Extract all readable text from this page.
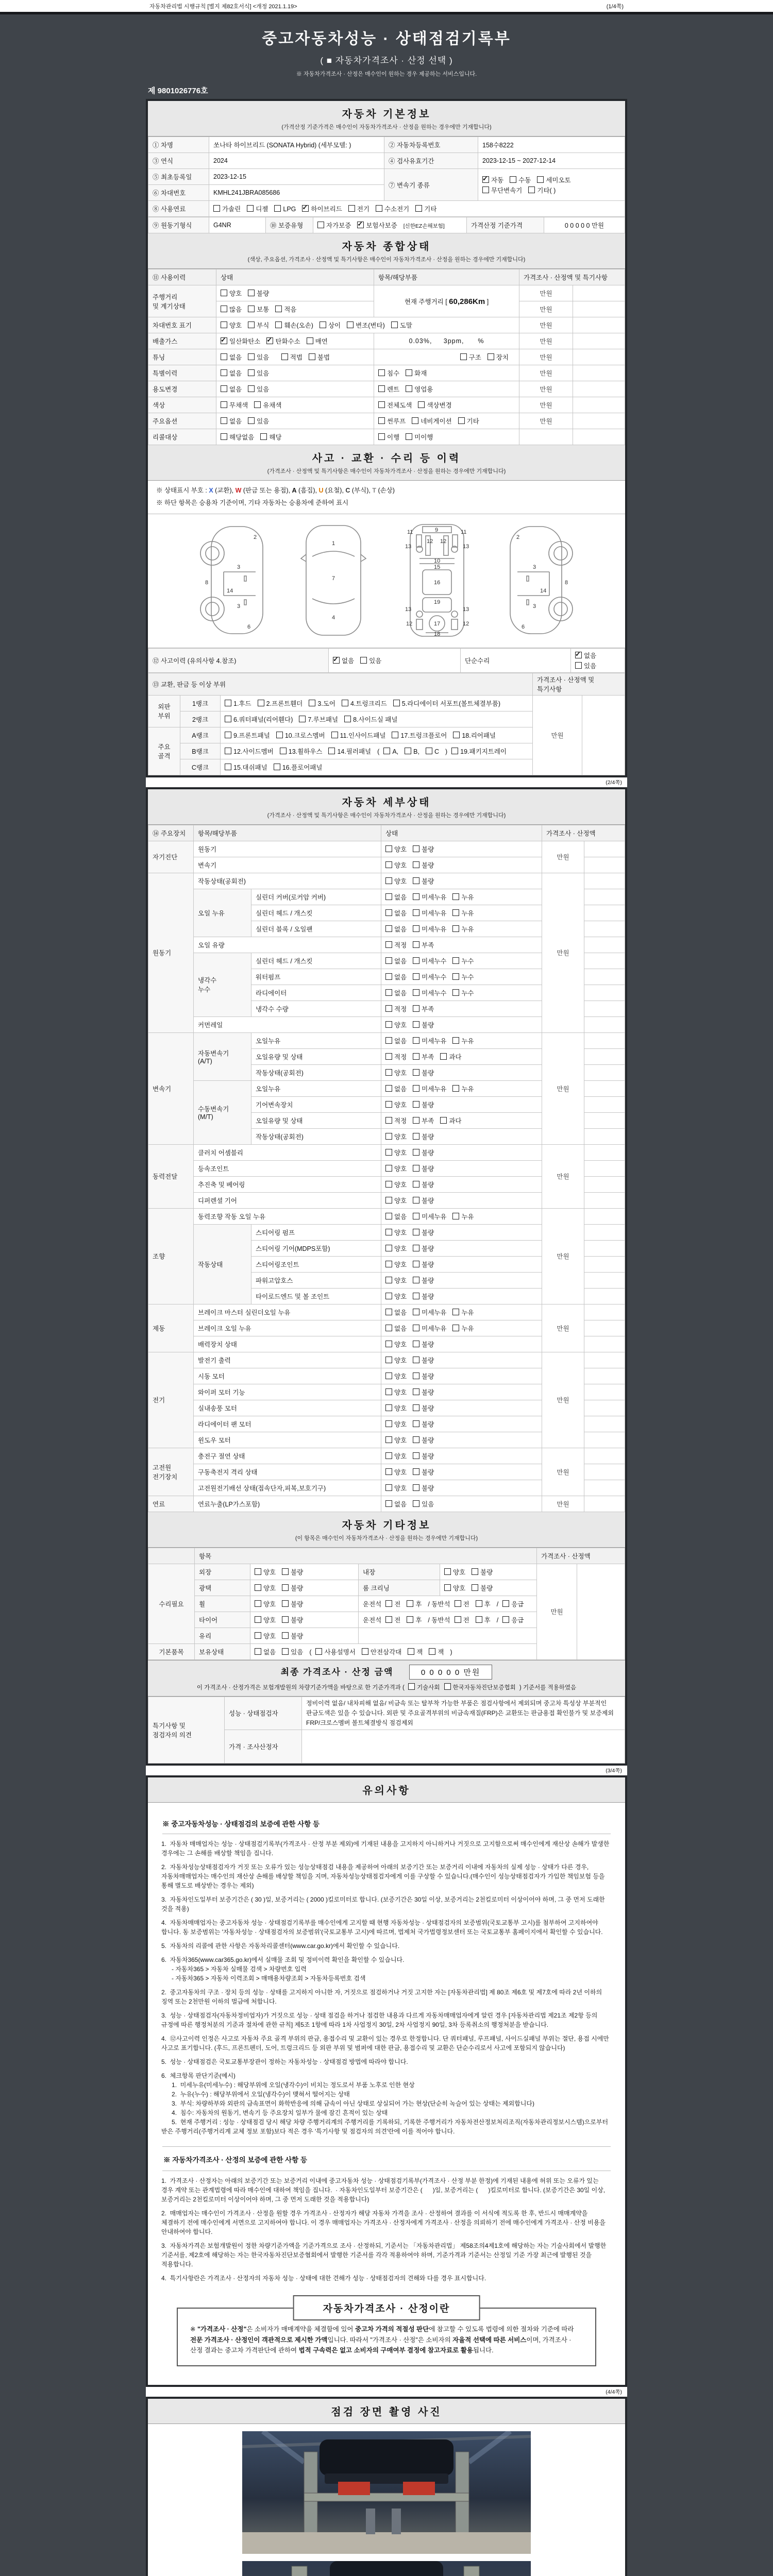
자동차관리법 시행규칙 [별지 제82호서식] <개정 2021.1.19>	(1/4쪽)
중고자동차성능 · 상태점검기록부
( ■ 자동차가격조사 · 산정 선택 )
※ 자동차가격조사 · 산정은 매수인이 원하는 경우 제공하는 서비스입니다.
제 9801026776호
자동차 기본정보
(가격산정 기준가격은 매수인이 자동차가격조사 · 산정을 원하는 경우에만 기재합니다)
① 차명	쏘나타 하이브리드 (SONATA Hybrid) (세부모델: )	② 자동차등록번호	158수8222
③ 연식	2024	④ 검사유효기간	2023-12-15 ~ 2027-12-14
⑤ 최초등록일	2023-12-15	⑦ 변속기 종류	
✓자동 수동 세미오토
무단변속기 기타( )

⑥ 차대번호	KMHL241JBRA085686		
⑧ 사용연료	가솔린 디젤 LPG ✓ 하이브리드 전기 수소전기 기타
⑨ 원동기형식	G4NR	⑩ 보증유형	자가보증 ✓ 보험사보증 [신한EZ손해보험]	가격산정 기준가격	0 0 0 0 0 만원
자동차 종합상태
(색상, 주요옵션, 가격조사 · 산정액 및 특기사항은 매수인이 자동차가격조사 · 산정을 원하는 경우에만 기재합니다)
⑪ 사용이력	상태	항목/해당부품	가격조사 · 산정액 및 특기사항	
주행거리
및 계기상태	양호 불량	현재 주행거리 [ 60,286Km ]	만원	
	많음 보통 적음		만원	
차대번호 표기	양호 부식 훼손(오손) 상이 변조(변타) 도말		만원	
배출가스	✓일산화탄소 ✓ 탄화수소 매연	0.03%,     3ppm,      %	만원	
튜닝	없음 있음 적법 불법	구조 장치	만원	
특별이력	없음 있음	침수 화재	만원	
용도변경	없음 있음	렌트 영업용	만원	
색상	무채색 유채색	전체도색 색상변경	만원	
주요옵션	없음 있음	썬루프 네비게이션 기타	만원	
리콜대상	해당없음 해당	이행 미이행		
사고 · 교환 · 수리 등 이력
(가격조사 · 산정액 및 특기사항은 매수인이 자동차가격조사 · 산정을 원하는 경우에만 기재합니다)
※ 상태표시 부호 : X (교환), W (판금 또는 용접), A (흠집), U (요철), C (부식), T (손상)
※ 하단 항목은 승용차 기준이며, 기타 자동차는 승용차에 준하여 표시
2
8
3
14
3
6
1
7
4
11	11
13	13
12 12
9
10
15
16
19
17
13	13
12	12
18
2
8
3
14
3
6
⑫ 사고이력 (유의사항 4.참조)	✓없음 있음	단순수리	✓없음있음
⑬ 교환, 판금 등 이상 부위			가격조사 · 산정액 및 특기사항	
외판
부위	1랭크	1.후드 2.프론트휀더 3.도어 4.트렁크리드 5.라디에이터 서포트(볼트체결부품)	만원	
	2랭크	6.쿼터패널(리어휀다) 7.루브패널 8.사이드실 패널		
주요
골격	A랭크	9.프론트패널 10.크로스멤버 11.인사이드패널 17.트렁크플로어 18.리어패널		
	B랭크	12.사이드멤버 13.휠하우스 14.필러패널 ( A, B, C ) 19.패키지트레이		
	C랭크	15.대쉬패널 16.플로어패널		
(2/4쪽)
자동차 세부상태
(가격조사 · 산정액 및 특기사항은 매수인이 자동차가격조사 · 산정을 원하는 경우에만 기재합니다)
⑭ 주요장치	항목/해당부품		상태	가격조사 · 산정액	
자기진단	원동기		양호 불량	만원	
	변속기		양호 불량		
원동기	작동상태(공회전)		양호 불량	만원	
	오일 누유	실린더 커버(로커암 커버)	없음 미세누유 누유		
		실린더 헤드 / 개스킷	없음 미세누유 누유		
		실린더 블록 / 오일팬	없음 미세누유 누유		
	오일 유량		적정 부족		
	냉각수
누수	실린더 헤드 / 개스킷	없음 미세누수 누수		
		워터펌프	없음 미세누수 누수		
		라디에이터	없음 미세누수 누수		
		냉각수 수량	적정 부족		
	커먼레일		양호 불량		
변속기	자동변속기
(A/T)	오일누유	없음 미세누유 누유	만원	
		오일유량 및 상태	적정 부족 과다		
		작동상태(공회전)	양호 불량		
	수동변속기
(M/T)	오일누유	없음 미세누유 누유		
		기어변속장치	양호 불량		
		오일유량 및 상태	적정 부족 과다		
		작동상태(공회전)	양호 불량		
동력전달	클러치 어셈블리		양호 불량	만원	
	등속조인트		양호 불량		
	추진축 및 베어링		양호 불량		
	디퍼렌셜 기어		양호 불량		
조향	동력조향 작동 오일 누유		없음 미세누유 누유	만원	
	작동상태	스티어링 펌프	양호 불량		
		스티어링 기어(MDPS포함)	양호 불량		
		스티어링조인트	양호 불량		
		파워고압호스	양호 불량		
		타이로드엔드 및 볼 조인트	양호 불량		
제동	브레이크 마스터 실린더오일 누유		없음 미세누유 누유	만원	
	브레이크 오일 누유		없음 미세누유 누유		
	배력장치 상태		양호 불량		
전기	발전기 출력		양호 불량	만원	
	시동 모터		양호 불량		
	와이퍼 모터 기능		양호 불량		
	실내송풍 모터		양호 불량		
	라디에이터 팬 모터		양호 불량		
	윈도우 모터		양호 불량		
고전원
전기장치	충전구 절연 상태		양호 불량	만원	
	구동축전지 격리 상태		양호 불량		
	고전원전기배선 상태(접속단자,피복,보호기구)		양호 불량		
연료	연료누출(LP가스포함)		없음 있음	만원	
자동차 기타정보
(이 항목은 매수인이 자동차가격조사 · 산정을 원하는 경우에만 기재합니다)
	항목				가격조사 · 산정액	
수리필요	외장	양호 불량	내장	양호 불량	만원	
	광택	양호 불량	룸 크리닝	양호 불량		
	휠	양호 불량	운전석 전 후 / 동반석 전 후 / 응급			
	타이어	양호 불량	운전석 전 후 / 동반석 전 후 / 응급			
	유리	양호 불량				
기본품목	보유상태	없음 있음 ( 사용설명서 안전삼각대 잭 잭 )				
최종 가격조사 · 산정 금액	0 0 0 0 0 만원
이 가격조사 · 산정가격은 보험개발원의 차량기준가액을 바탕으로 한 기준가격과 ( 기술사회 한국자동차진단보증협회 ) 기준서를 적용하였음
특기사항 및
점검자의 의견	성능 · 상태점검자	정비이력 없음/ 내차피해 없음/ 비금속 또는 탈부착 가능한 부품은 점검사항에서 제외되며 중고차 특성상 부분적인 판금도색은 있을 수 있습니다. 외판 및 주요골격부위의 비금속재질(FRP)은 교환또는 판금용접 확인불가 및 보증제외 FRP/크로스멤버 볼트체결방식 점검제외
	가격 · 조사산정자	
(3/4쪽)
유의사항
※ 중고자동차성능 · 상태점검의 보증에 관한 사항 등
1.  자동차 매매업자는 성능 · 상태점검기록부(가격조사 · 산정 부분 제외)에 기재된 내용을 고지하지 아니하거나 거짓으로 고지함으로써 매수인에게 재산상 손해가 발생한 경우에는 그 손해를 배상할 책임을 집니다.
2.  자동차성능상태점검자가 거짓 또는 오류가 있는 성능상태점검 내용을 제공하여 아래의 보증기간 또는 보증거리 이내에 자동차의 실제 성능 · 상태가 다른 경우, 자동차매매업자는 매수인의 재산상 손해를 배상할 책임을 지며, 자동차성능상태점검자에게 이를 구상할 수 있습니다.(매수인이 성능상태점검자가 가입한 책임보험 등을 통해 별도로 배상받는 경우는 제외)
3.  자동차인도일부터 보증기간은 ( 30 )일, 보증거리는 ( 2000 )킬로미터로 합니다. (보증기간은 30일 이상, 보증거리는 2천킬로미터 이상이어야 하며, 그 중 먼저 도래한 것을 적용)
4.  자동차매매업자는 중고자동차 성능 · 상태점검기록부를 매수인에게 고지할 때 현행 자동차성능 · 상태점검자의 보증범위(국토교통부 고시)를 첨부하여 고지하여야 합니다. 동 보증범위는 '자동차성능 · 상태점검자의 보증범위'(국토교통부 고시)에 따르며, 법제처 국가법령정보센터 또는 국토교통부 홈페이지에서 확인할 수 있습니다.
5.  자동차의 리콜에 관한 사항은 자동차리콜센터(www.car.go.kr)에서 확인할 수 있습니다.
6.  자동차365(www.car365.go.kr)에서 실매물 조회 및 정비이력 확인을 확인할 수 있습니다.
- 자동차365 > 자동차 실매물 검색 > 차량번호 입력
- 자동차365 > 자동차 이력조회 > 매매용차량조회 > 자동차등록번호 검색
2.  중고자동차의 구조 · 장치 등의 성능 · 상태를 고지하지 아니한 자, 거짓으로 점검하거나 거짓 고지한 자는 [자동차관리법] 제 80조 제6호 및 제7호에 따라 2년 이하의 징역 또는 2천만원 이하의 벌금에 처합니다.
3.  성능 · 상태점검자(자동차정비업자)가 거짓으로 성능 · 상태 점검을 하거나 점검한 내용과 다르게 자동차매매업자에게 알린 경우 [자동차관리법 제21조 제2항 등의 규정에 따른 행정처분의 기준과 절차에 관한 규칙] 제5조 1항에 따라 1차 사업정지 30일, 2차 사업정지 90일, 3차 등록취소의 행정처분을 받습니다.
4.  ⑫사고이력 인정은 사고로 자동차 주요 골격 부위의 판금, 용접수리 및 교환이 있는 경우로 한정합니다. 단 쿼터패널, 루프패널, 사이드실패널 부위는 절단, 용접 시에만 사고로 표기합니다. (후드, 프론트펜더, 도어, 트렁크리드 등 외판 부위 및 범퍼에 대한 판금, 용접수리 및 교환은 단순수리로서 사고에 포함되지 않습니다)
5.  성능 · 상태점검은 국토교통부장관이 정하는 자동차성능 · 상태점검 방법에 따라야 합니다.
6.  체크항목 판단기준(예시)
1.  미세누유(미세누수) : 해당부위에 오일(냉각수)이 비치는 정도로서 부품 노후로 인한 현상
2.  누유(누수) : 해당부위에서 오일(냉각수)이 맺혀서 떨어지는 상태
3.  부식: 차량하부와 외판의 금속표면이 화학반응에 의해 금속이 아닌 상태로 상실되어 가는 현상(단순히 녹슬어 있는 상태는 제외합니다)
4.  침수: 자동차의 원동기, 변속기 등 주요장치 일부가 물에 잠긴 흔적이 있는 상태
5.  현재 주행거리 : 성능 · 상태점검 당시 해당 차량 주행거리계의 주행거리를 기록하되, 기록한 주행거리가 자동차전산정보처리조직(자동차관리정보시스템)으로부터 받은 주행거리(주행거리계 교체 정보 포함)보다 적은 경우 '특기사항 및 점검자의 의견'란에 이를 적어야 합니다.
※ 자동차가격조사 · 산정의 보증에 관한 사항 등
1.  가격조사 · 산정자는 아래의 보증기간 또는 보증거리 이내에 중고자동차 성능 · 상태점검기록부(가격조사 · 산정 부분 한정)에 기재된 내용에 허위 또는 오류가 있는 경우 계약 또는 관계법령에 따라 매수인에 대하여 책임을 집니다.  · 자동차인도일부터 보증기간은 (      )일, 보증거리는 (      )킬로미터로 합니다. (보증기간은 30일 이상, 보증거리는 2천킬로미터 이상이어야 하며, 그 중 먼저 도래한 것을 적용합니다)
2.  매매업자는 매수인이 가격조사 · 산정을 원할 경우 가격조사 · 산정자가 해당 자동차 가격을 조사 · 산정하여 결과를 이 서식에 적도록 한 후, 반드시 매매계약을 체결하기 전에 매수인에게 서면으로 고지하여야 합니다. 이 경우 매매업자는 가격조사 · 산정자에게 가격조사 · 산정을 의뢰하기 전에 매수인에게 가격조사 · 산정 비용을 안내하여야 합니다.
3.  자동차가격은 보험개발원이 정한 차량기준가액을 기준가격으로 조사 · 산정하되, 기준서는 「자동차관리법」 제58조의4제1호에 해당하는 자는 기술사회에서 발행한 기준서를, 제2호에 해당하는 자는 한국자동차진단보증협회에서 발행한 기준서를 각각 적용하여야 하며, 기준가격과 기준서는 산정일 기준 가장 최근에 발행된 것을 적용합니다.
4.  특기사항란은 가격조사 · 산정자의 자동차 성능 · 상태에 대한 견해가 성능 · 상태점검자의 견해와 다를 경우 표시합니다.
자동차가격조사 · 산정이란
※ "가격조사 · 산정"은 소비자가 매매계약을 체결함에 있어 중고차 가격의 적절성 판단에 참고할 수 있도록 법령에 의한 절차와 기준에 따라 전문 가격조사 · 산정인이 객관적으로 제시한 가액입니다. 따라서 "가격조사 · 산정"은 소비자의 자율적 선택에 따른 서비스이며, 가격조사 · 산정 결과는 중고차 가격판단에 관하여 법적 구속력은 없고 소비자의 구매여부 결정에 참고자료로 활용됩니다.
(4/4쪽)
점검 장면 촬영 사진
